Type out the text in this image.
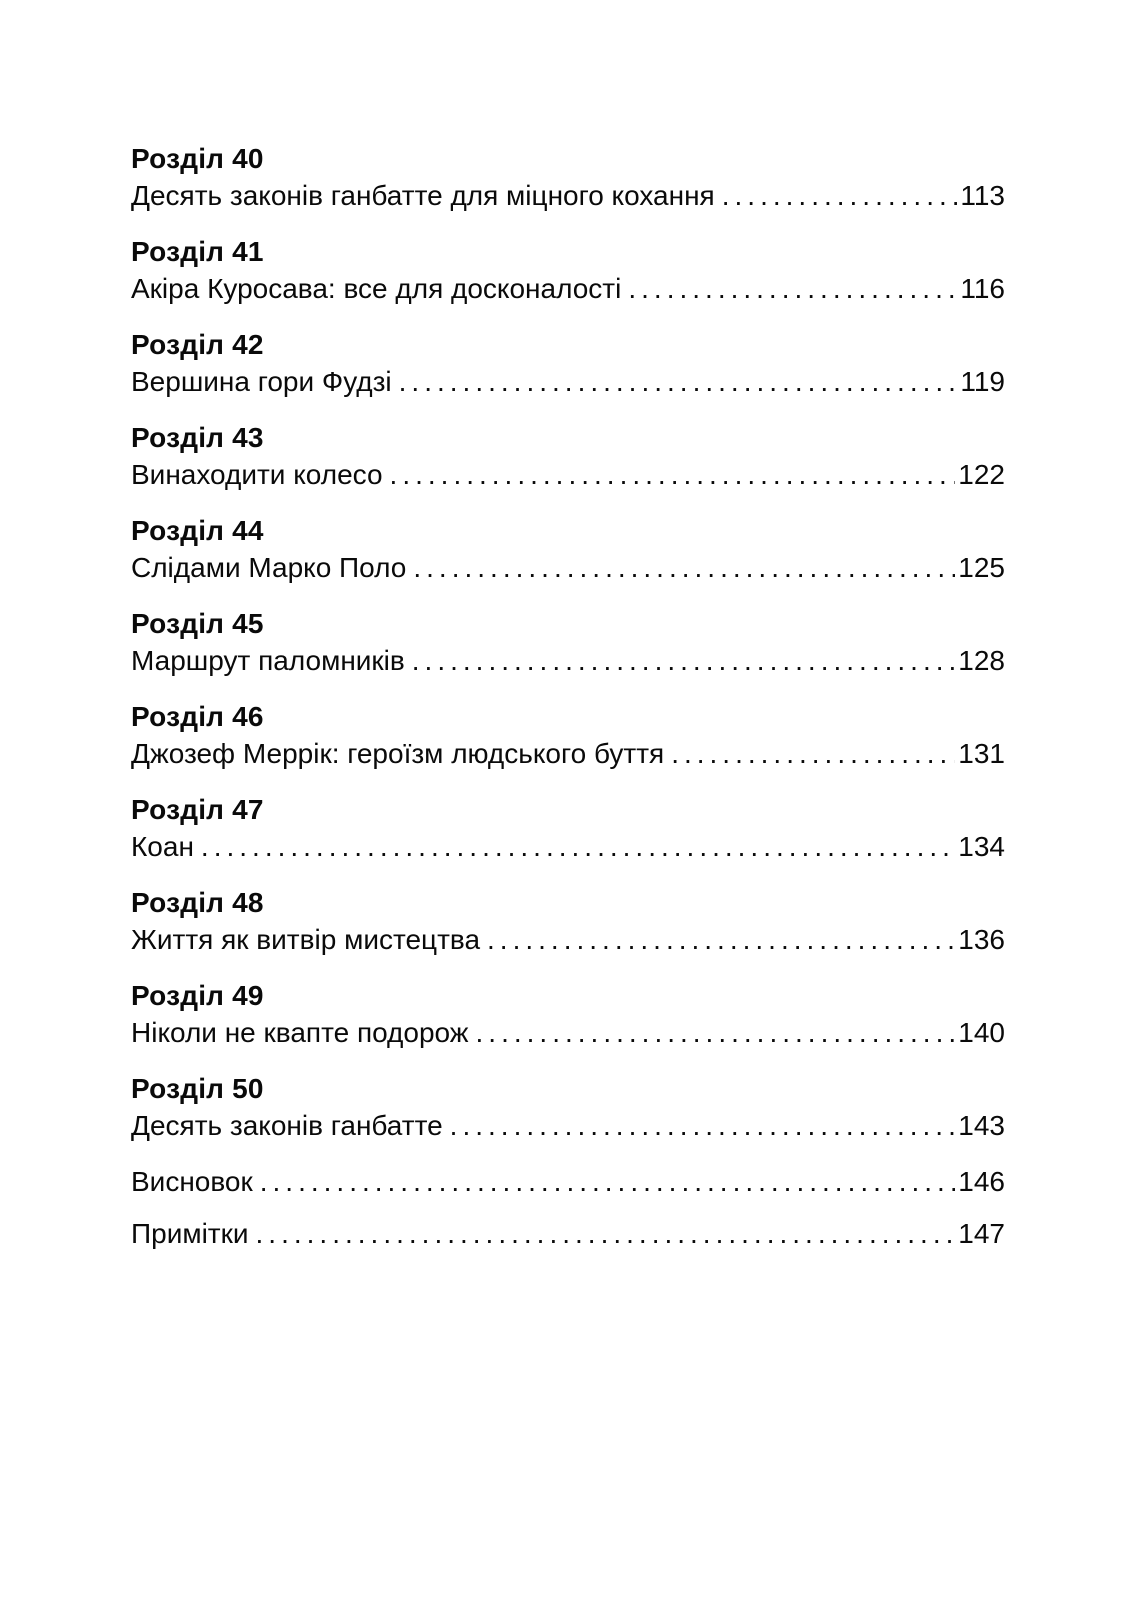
Розділ 40
Десять законів ганбатте для міцного кохання .....	113
Розділ 41
Акіра Куросава: все для досконалості .....	116
Розділ 42
Вершина гори Фудзі .....	119
Розділ 43
Винаходити колесо .....	122
Розділ 44
Слідами Марко Поло .....	125
Розділ 45
Маршрут паломників .....	128
Розділ 46
Джозеф Меррік: героїзм людського буття .....	131
Розділ 47
Коан .....	134
Розділ 48
Життя як витвір мистецтва .....	136
Розділ 49
Ніколи не квапте подорож .....	140
Розділ 50
Десять законів ганбатте .....	143
Висновок .....	146
Примітки .....	147
